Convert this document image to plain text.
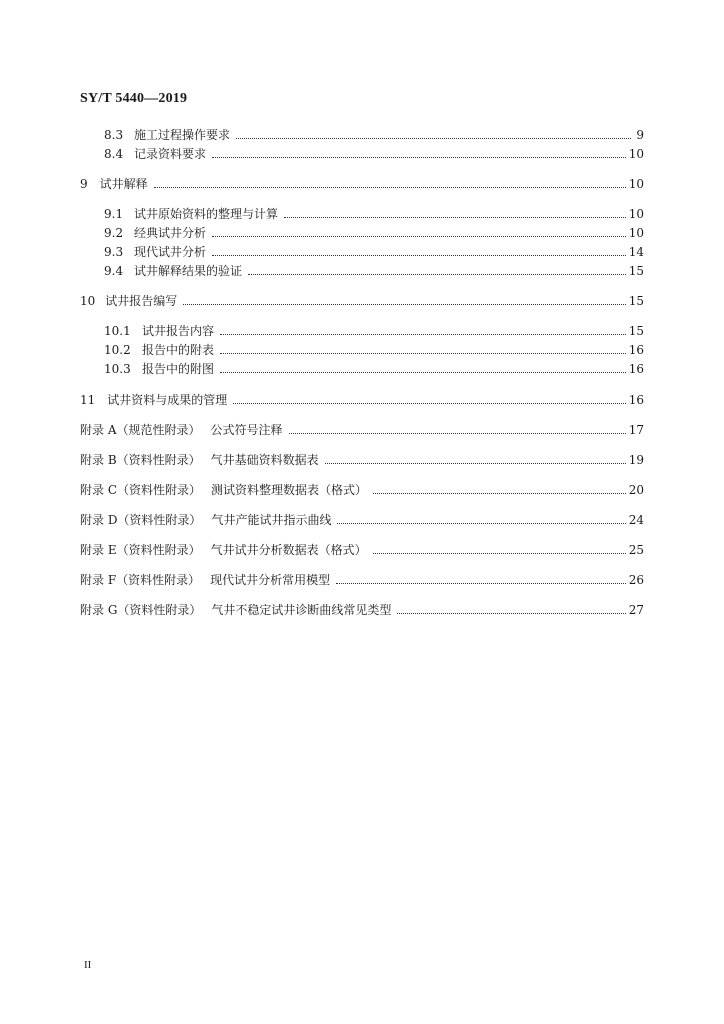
SY/T 5440—2019
8.3 施工过程操作要求	9
8.4 记录资料要求	10
9 试井解释	10
9.1 试井原始资料的整理与计算	10
9.2 经典试井分析	10
9.3 现代试井分析	14
9.4 试井解释结果的验证	15
10 试井报告编写	15
10.1 试井报告内容	15
10.2 报告中的附表	16
10.3 报告中的附图	16
11 试井资料与成果的管理	16
附录 A（规范性附录） 公式符号注释	17
附录 B（资料性附录） 气井基础资料数据表	19
附录 C（资料性附录） 测试资料整理数据表（格式）	20
附录 D（资料性附录） 气井产能试井指示曲线	24
附录 E（资料性附录） 气井试井分析数据表（格式）	25
附录 F（资料性附录） 现代试井分析常用模型	26
附录 G（资料性附录） 气井不稳定试井诊断曲线常见类型	27
II
